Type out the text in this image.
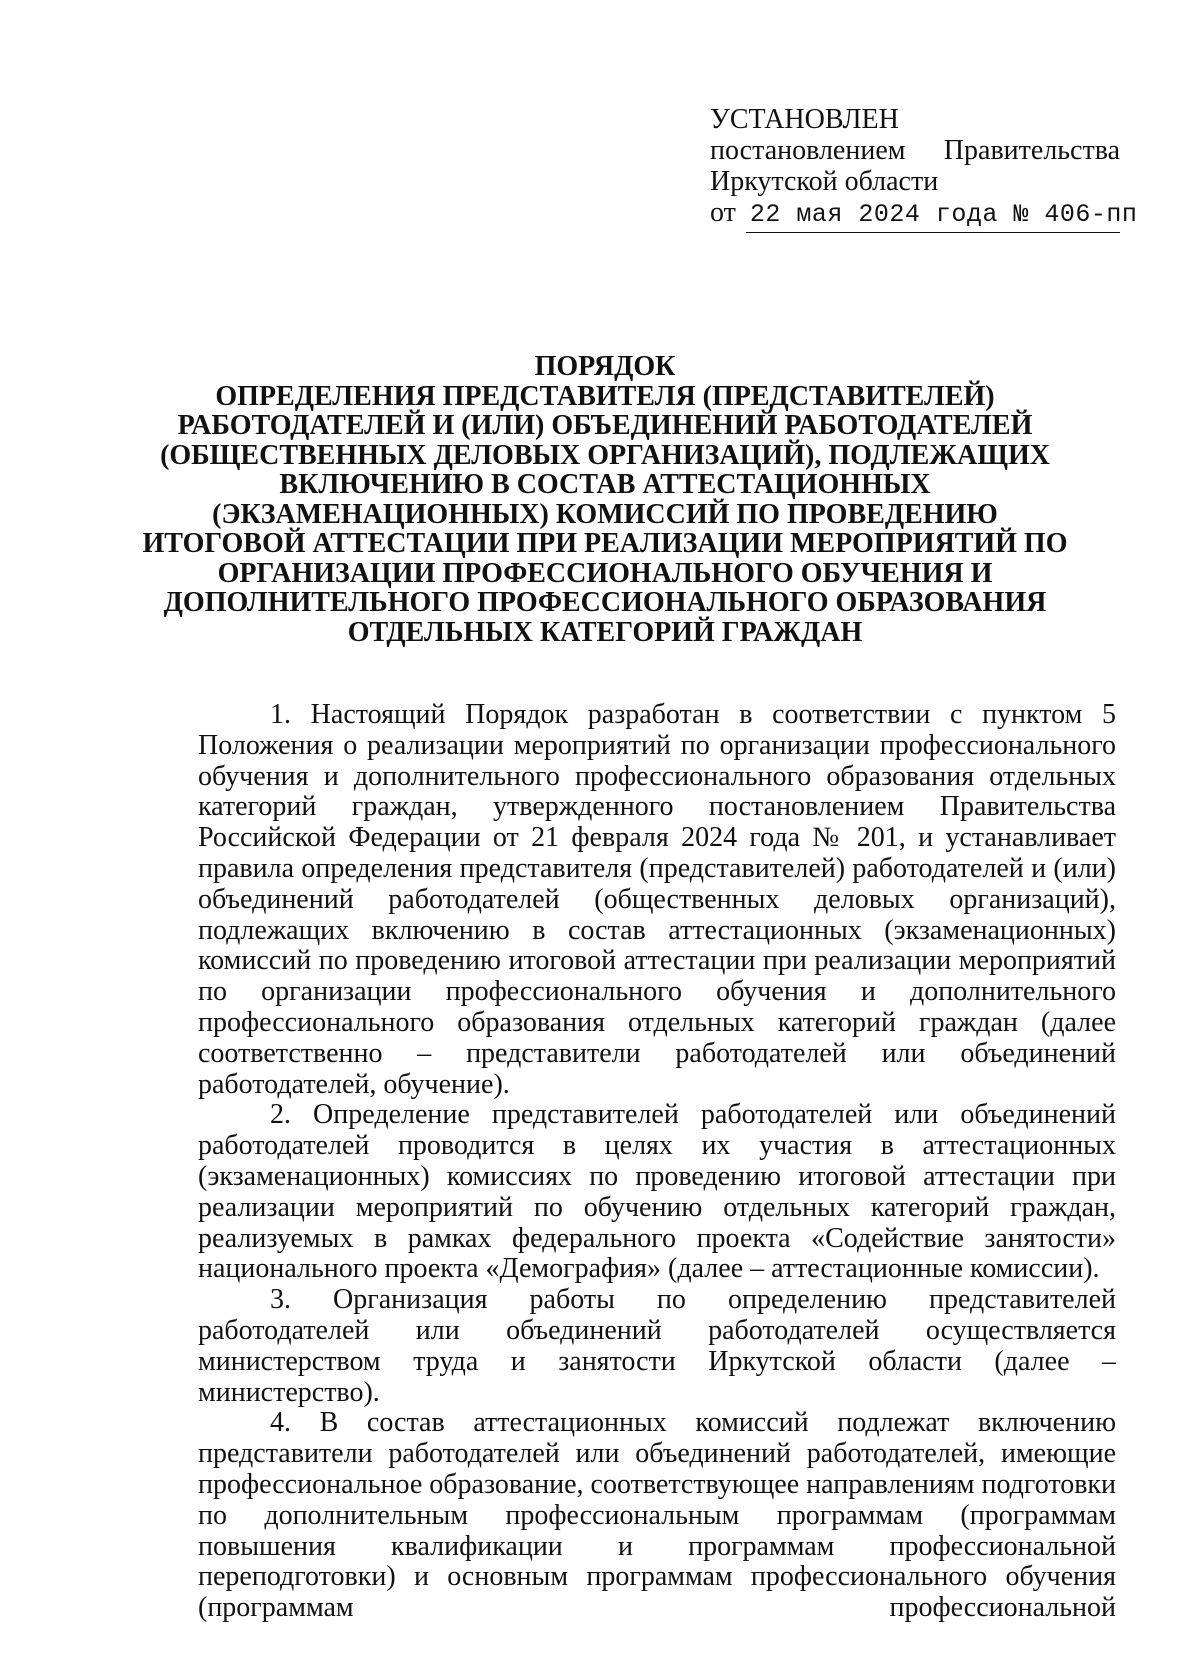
УСТАНОВЛЕН
постановлением Правительства
Иркутской области
от 22 мая 2024 года № 406-пп
ПОРЯДОК
ОПРЕДЕЛЕНИЯ ПРЕДСТАВИТЕЛЯ (ПРЕДСТАВИТЕЛЕЙ) РАБОТОДАТЕЛЕЙ И (ИЛИ) ОБЪЕДИНЕНИЙ РАБОТОДАТЕЛЕЙ (ОБЩЕСТВЕННЫХ ДЕЛОВЫХ ОРГАНИЗАЦИЙ), ПОДЛЕЖАЩИХ ВКЛЮЧЕНИЮ В СОСТАВ АТТЕСТАЦИОННЫХ (ЭКЗАМЕНАЦИОННЫХ) КОМИССИЙ ПО ПРОВЕДЕНИЮ ИТОГОВОЙ АТТЕСТАЦИИ ПРИ РЕАЛИЗАЦИИ МЕРОПРИЯТИЙ ПО ОРГАНИЗАЦИИ ПРОФЕССИОНАЛЬНОГО ОБУЧЕНИЯ И ДОПОЛНИТЕЛЬНОГО ПРОФЕССИОНАЛЬНОГО ОБРАЗОВАНИЯ ОТДЕЛЬНЫХ КАТЕГОРИЙ ГРАЖДАН

1. Настоящий Порядок разработан в соответствии с пунктом 5 Положения о реализации мероприятий по организации профессионального обучения и дополнительного профессионального образования отдельных категорий граждан, утвержденного постановлением Правительства Российской Федерации от 21 февраля 2024 года № 201, и устанавливает правила определения представителя (представителей) работодателей и (или) объединений работодателей (общественных деловых организаций), подлежащих включению в состав аттестационных (экзаменационных) комиссий по проведению итоговой аттестации при реализации мероприятий по организации профессионального обучения и дополнительного профессионального образования отдельных категорий граждан (далее соответственно – представители работодателей или объединений работодателей, обучение).

2. Определение представителей работодателей или объединений работодателей проводится в целях их участия в аттестационных (экзаменационных) комиссиях по проведению итоговой аттестации при реализации мероприятий по обучению отдельных категорий граждан, реализуемых в рамках федерального проекта «Содействие занятости» национального проекта «Демография» (далее – аттестационные комиссии).

3. Организация работы по определению представителей работодателей или объединений работодателей осуществляется министерством труда и занятости Иркутской области (далее – министерство).

4. В состав аттестационных комиссий подлежат включению представители работодателей или объединений работодателей, имеющие профессиональное образование, соответствующее направлениям подготовки по дополнительным профессиональным программам (программам повышения квалификации и программам профессиональной переподготовки) и основным программам профессионального обучения (программам профессиональной
